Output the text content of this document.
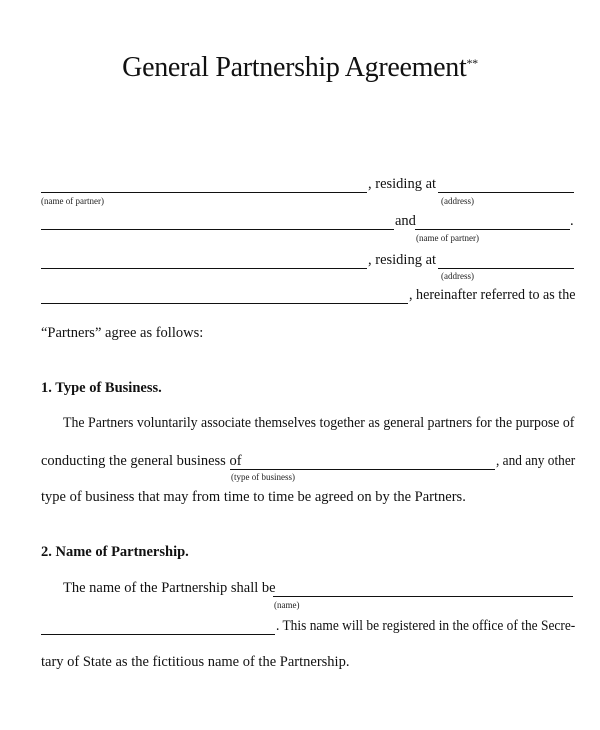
General Partnership Agreement**
, residing at
(name of partner)	(address)
and	.
(name of partner)
, residing at
(address)
, hereinafter referred to as the
“Partners” agree as follows:
1. Type of Business.
The Partners voluntarily associate themselves together as general partners for the purpose of
conducting the general business of	, and any other
(type of business)
type of business that may from time to time be agreed on by the Partners.
2. Name of Partnership.
The name of the Partnership shall be
(name)
. This name will be registered in the office of the Secre-
tary of State as the fictitious name of the Partnership.
